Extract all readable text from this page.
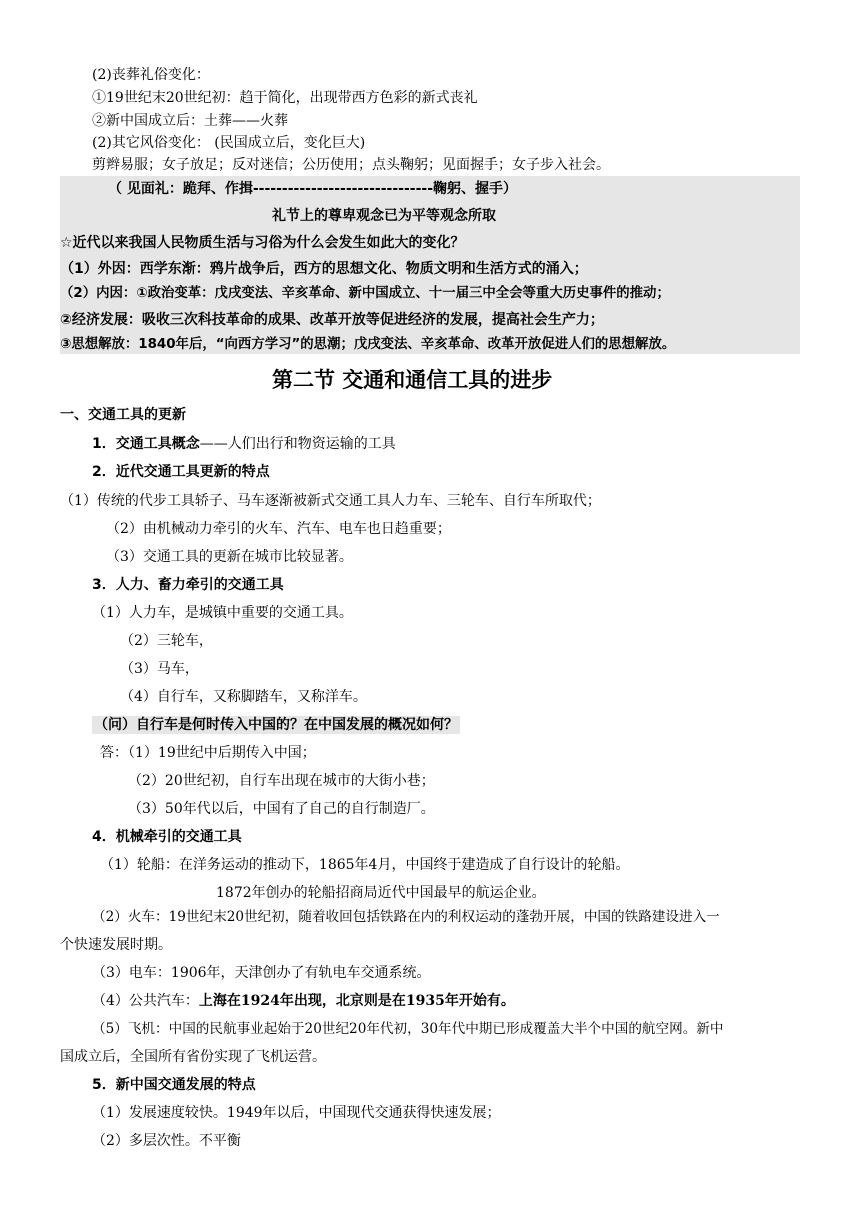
(2)丧葬礼俗变化：
①19世纪末20世纪初：趋于简化，出现带西方色彩的新式丧礼
②新中国成立后：土葬——火葬
(2)其它风俗变化： (民国成立后，变化巨大)
剪辫易服；女子放足；反对迷信；公历使用；点头鞠躬；见面握手；女子步入社会。
（ 见面礼：跪拜、作揖-------------------------------鞠躬、握手）
礼节上的尊卑观念已为平等观念所取
☆近代以来我国人民物质生活与习俗为什么会发生如此大的变化？
（1）外因：西学东渐：鸦片战争后，西方的思想文化、物质文明和生活方式的涌入；
（2）内因：①政治变革：戊戌变法、辛亥革命、新中国成立、十一届三中全会等重大历史事件的推动；
②经济发展：吸收三次科技革命的成果、改革开放等促进经济的发展，提高社会生产力；
③思想解放：1840年后，“向西方学习”的思潮；戊戌变法、辛亥革命、改革开放促进人们的思想解放。
第二节 交通和通信工具的进步
一、交通工具的更新
1．交通工具概念——人们出行和物资运输的工具
2．近代交通工具更新的特点
（1）传统的代步工具轿子、马车逐渐被新式交通工具人力车、三轮车、自行车所取代；
（2）由机械动力牵引的火车、汽车、电车也日趋重要；
（3）交通工具的更新在城市比较显著。
3．人力、畜力牵引的交通工具
（1）人力车，是城镇中重要的交通工具。
（2）三轮车，
（3）马车，
（4）自行车，又称脚踏车，又称洋车。
（问）自行车是何时传入中国的？在中国发展的概况如何？
答：（1）19世纪中后期传入中国；
（2）20世纪初，自行车出现在城市的大街小巷；
（3）50年代以后，中国有了自己的自行制造厂。
4．机械牵引的交通工具
（1）轮船：在洋务运动的推动下，1865年4月，中国终于建造成了自行设计的轮船。
1872年创办的轮船招商局近代中国最早的航运企业。
（2）火车：19世纪末20世纪初，随着收回包括铁路在内的利权运动的蓬勃开展，中国的铁路建设进入一
个快速发展时期。
（3）电车：1906年，天津创办了有轨电车交通系统。
（4）公共汽车：上海在1924年出现，北京则是在1935年开始有。
（5）飞机：中国的民航事业起始于20世纪20年代初，30年代中期已形成覆盖大半个中国的航空网。新中
国成立后，全国所有省份实现了飞机运营。
5．新中国交通发展的特点
（1）发展速度较快。1949年以后，中国现代交通获得快速发展；
（2）多层次性。不平衡
